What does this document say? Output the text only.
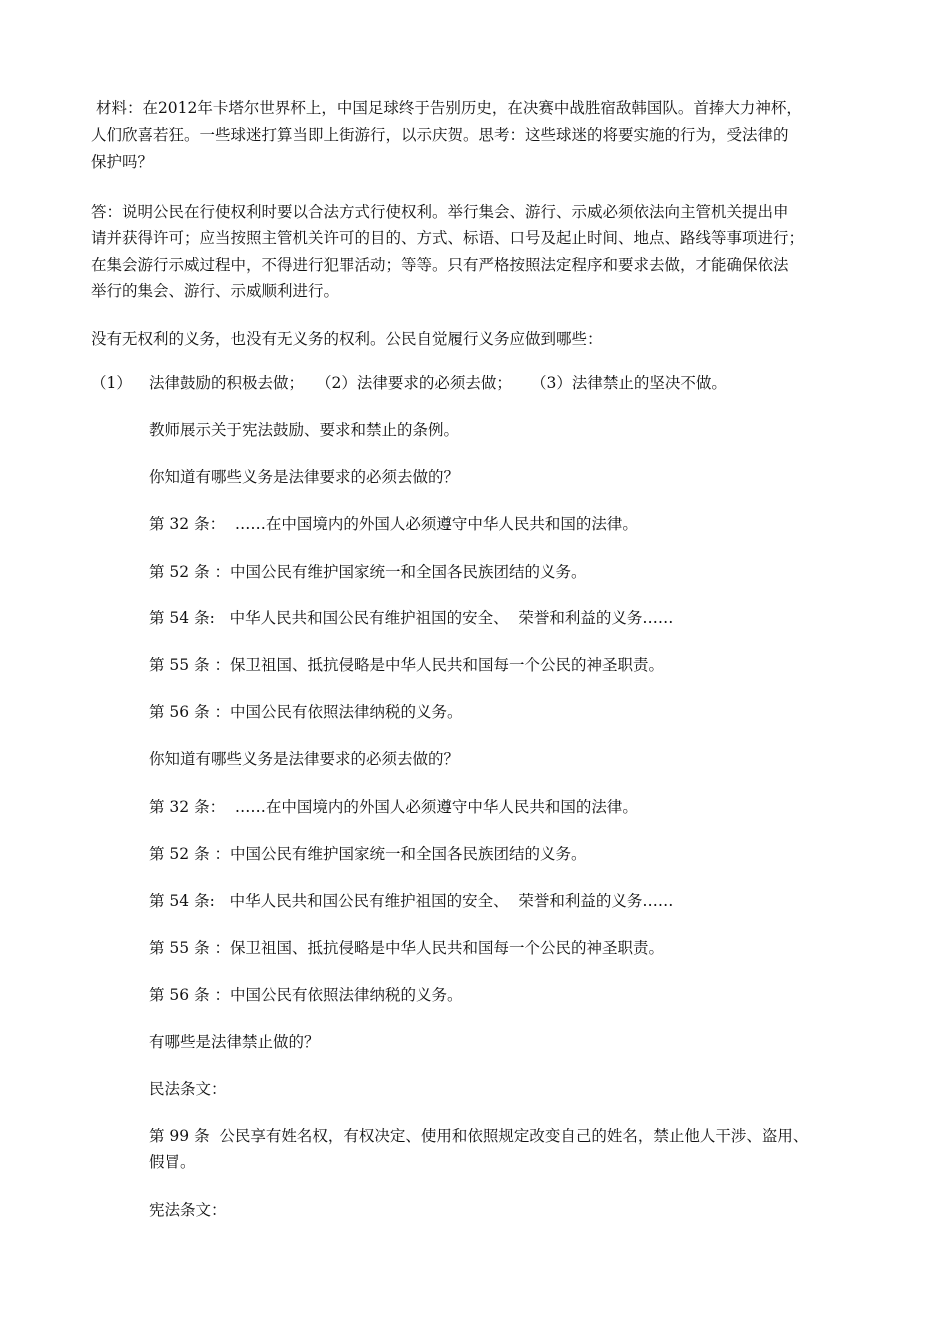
材料：在2012年卡塔尔世界杯上，中国足球终于告别历史，在决赛中战胜宿敌韩国队。首捧大力神杯，
人们欣喜若狂。一些球迷打算当即上街游行，以示庆贺。思考：这些球迷的将要实施的行为，受法律的
保护吗？
答：说明公民在行使权利时要以合法方式行使权利。举行集会、游行、示威必须依法向主管机关提出申
请并获得许可；应当按照主管机关许可的目的、方式、标语、口号及起止时间、地点、路线等事项进行；
在集会游行示威过程中，不得进行犯罪活动；等等。只有严格按照法定程序和要求去做，才能确保依法
举行的集会、游行、示威顺利进行。
没有无权利的义务，也没有无义务的权利。公民自觉履行义务应做到哪些：

（1）

法律鼓励的积极去做；

（2）法律要求的必须去做；

（3）法律禁止的坚决不做。

教师展示关于宪法鼓励、要求和禁止的条例。
你知道有哪些义务是法律要求的必须去做的？
第 32 条：  ……在中国境内的外国人必须遵守中华人民共和国的法律。
第 52 条 ：中国公民有维护国家统一和全国各民族团结的义务。
第 54 条:   中华人民共和国公民有维护祖国的安全、  荣誉和利益的义务……
第 55 条 ：保卫祖国、抵抗侵略是中华人民共和国每一个公民的神圣职责。
第 56 条 ：中国公民有依照法律纳税的义务。
你知道有哪些义务是法律要求的必须去做的？
第 32 条：  ……在中国境内的外国人必须遵守中华人民共和国的法律。
第 52 条 ：中国公民有维护国家统一和全国各民族团结的义务。
第 54 条:   中华人民共和国公民有维护祖国的安全、  荣誉和利益的义务……
第 55 条 ：保卫祖国、抵抗侵略是中华人民共和国每一个公民的神圣职责。
第 56 条 ：中国公民有依照法律纳税的义务。
有哪些是法律禁止做的？
民法条文：
第 99 条  公民享有姓名权，有权决定、使用和依照规定改变自己的姓名，禁止他人干涉、盗用、
假冒。
宪法条文：
